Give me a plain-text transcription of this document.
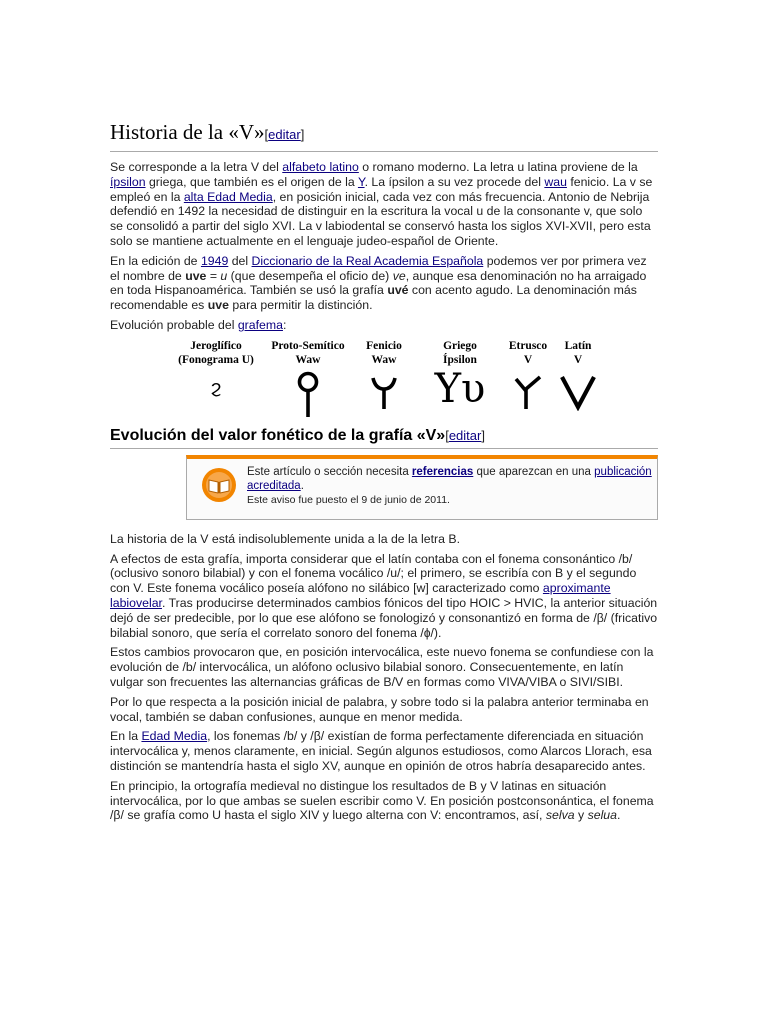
Historia de la «V»[editar]

Se corresponde a la letra V del alfabeto latino o romano moderno. La letra u latina proviene de la ípsilon griega, que también es el origen de la Y. La ípsilon a su vez procede del wau fenicio. La v se empleó en la alta Edad Media, en posición inicial, cada vez con más frecuencia. Antonio de Nebrija defendió en 1492 la necesidad de distinguir en la escritura la vocal u de la consonante v, que solo se consolidó a partir del siglo XVI. La v labiodental se conservó hasta los siglos XVI-XVII, pero esta solo se mantiene actualmente en el lenguaje judeo-español de Oriente.

En la edición de 1949 del Diccionario de la Real Academia Española podemos ver por primera vez el nombre de uve = u (que desempeña el oficio de) ve, aunque esa denominación no ha arraigado en toda Hispanoamérica. También se usó la grafía uvé con acento agudo. La denominación más recomendable es uve para permitir la distinción.

Evolución probable del grafema:

Jeroglífico
(Fonograma U)
ϩ
Proto-Semítico
Waw
Fenicio
Waw
Griego
Ípsilon
Υυ
Etrusco
V
Latín
V
Evolución del valor fonético de la grafía «V»[editar]
Este artículo o sección necesita referencias que aparezcan en una publicación acreditada.
Este aviso fue puesto el 9 de junio de 2011.

La historia de la V está indisolublemente unida a la de la letra B.

A efectos de esta grafía, importa considerar que el latín contaba con el fonema consonántico /b/ (oclusivo sonoro bilabial) y con el fonema vocálico /u/; el primero, se escribía con B y el segundo con V. Este fonema vocálico poseía alófono no silábico [w] caracterizado como aproximante labiovelar. Tras producirse determinados cambios fónicos del tipo HOIC > HVIC, la anterior situación dejó de ser predecible, por lo que ese alófono se fonologizó y consonantizó en forma de /β/ (fricativo bilabial sonoro, que sería el correlato sonoro del fonema /ɸ/).

Estos cambios provocaron que, en posición intervocálica, este nuevo fonema se confundiese con la evolución de /b/ intervocálica, un alófono oclusivo bilabial sonoro. Consecuentemente, en latín vulgar son frecuentes las alternancias gráficas de B/V en formas como VIVA/VIBA o SIVI/SIBI.

Por lo que respecta a la posición inicial de palabra, y sobre todo si la palabra anterior terminaba en vocal, también se daban confusiones, aunque en menor medida.

En la Edad Media, los fonemas /b/ y /β/ existían de forma perfectamente diferenciada en situación intervocálica y, menos claramente, en inicial. Según algunos estudiosos, como Alarcos Llorach, esa distinción se mantendría hasta el siglo XV, aunque en opinión de otros habría desaparecido antes.

En principio, la ortografía medieval no distingue los resultados de B y V latinas en situación intervocálica, por lo que ambas se suelen escribir como V. En posición postconsonántica, el fonema /β/ se grafía como U hasta el siglo XIV y luego alterna con V: encontramos, así, selva y selua.
